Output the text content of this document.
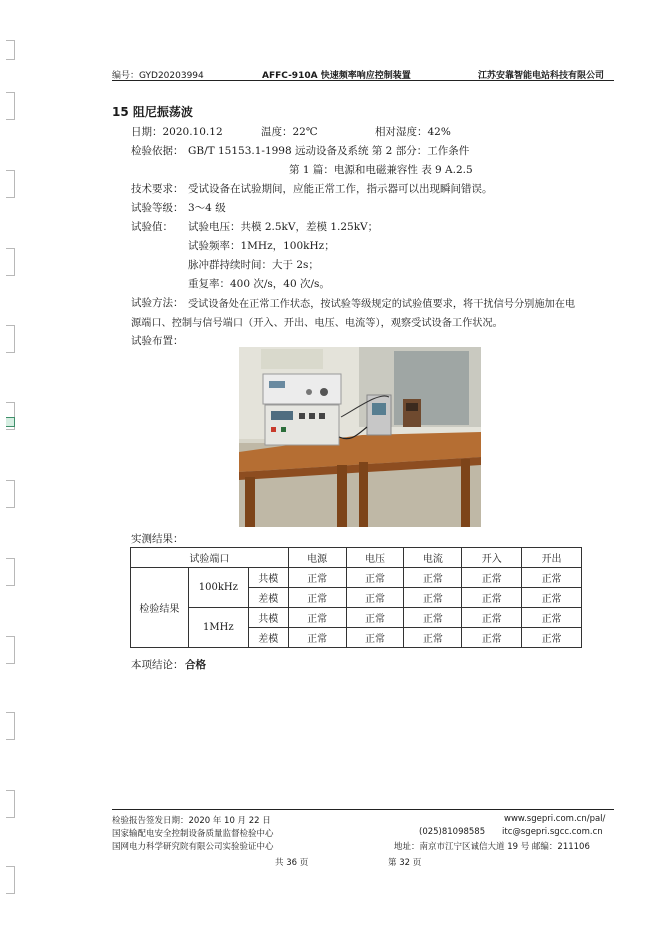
编号：GYD20203994	AFFC-910A 快速频率响应控制装置	江苏安靠智能电站科技有限公司
15 阻尼振荡波
日期：2020.10.12	温度：22℃	相对湿度：42%
检验依据： GB/T 15153.1-1998 远动设备及系统 第 2 部分：工作条件
第 1 篇：电源和电磁兼容性 表 9 A.2.5
技术要求： 受试设备在试验期间，应能正常工作，指示器可以出现瞬间错误。
试验等级： 3～4 级
试验值： 试验电压：共模 2.5kV，差模 1.25kV；
试验频率：1MHz，100kHz；
脉冲群持续时间：大于 2s；
重复率：400 次/s，40 次/s。
试验方法： 受试设备处在正常工作状态，按试验等级规定的试验值要求，将干扰信号分别施加在电
源端口、控制与信号端口（开入、开出、电压、电流等），观察受试设备工作状况。
试验布置：
实测结果：
试验端口			电源	电压	电流	开入	开出
检验结果	100kHz	共模	正常	正常	正常	正常	正常
		差模	正常	正常	正常	正常	正常
	1MHz	共模	正常	正常	正常	正常	正常
		差模	正常	正常	正常	正常	正常
本项结论： 合格
检验报告签发日期：2020 年 10 月 22 日	www.sgepri.com.cn/pal/
国家输配电安全控制设备质量监督检验中心	(025)81098585 itc@sgepri.sgcc.com.cn
国网电力科学研究院有限公司实验验证中心	地址：南京市江宁区诚信大道 19 号 邮编：211106
共 36 页	第 32 页
